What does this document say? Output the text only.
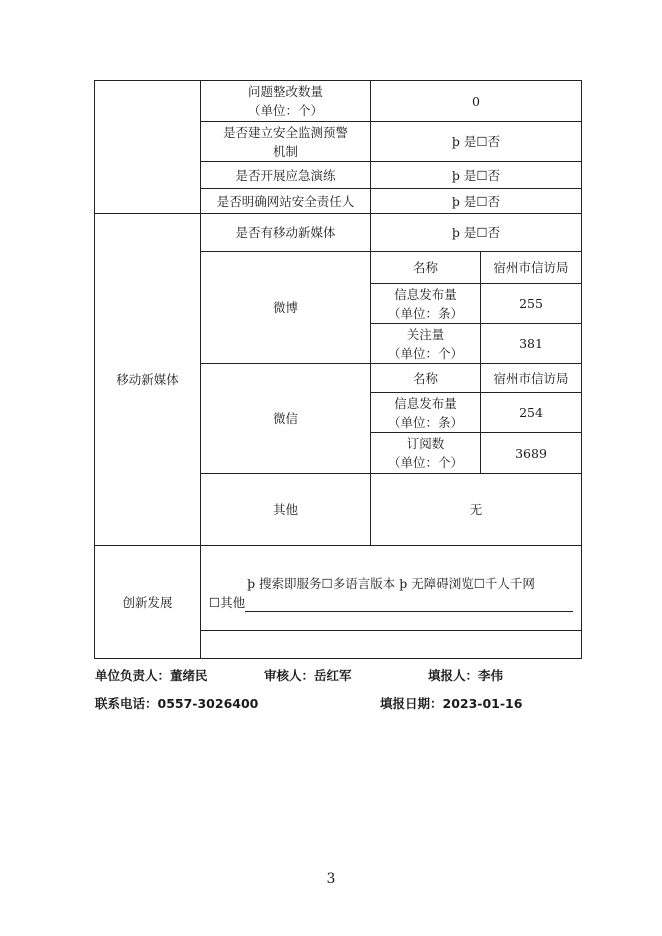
	问题整改数量
（单位：个）	0	

	是否建立安全监测预警
机制	þ 是☐否	
	是否开展应急演练	þ 是☐否	
	是否明确网站安全责任人	þ 是☐否	
移动新媒体	是否有移动新媒体	þ 是☐否	
	微博	名称	宿州市信访局

		信息发布量
（单位：条）	255

		关注量
（单位：个）	381
	微信	名称	宿州市信访局

		信息发布量
（单位：条）	254

		订阅数
（单位：个）	3689
	其他	无	
创新发展	þ 搜索即服务☐多语言版本 þ 无障碍浏览☐千人千网
☐其他		
单位负责人：董绪民	审核人：岳红军	填报人：李伟
联系电话：0557-3026400	填报日期：2023-01-16
3
